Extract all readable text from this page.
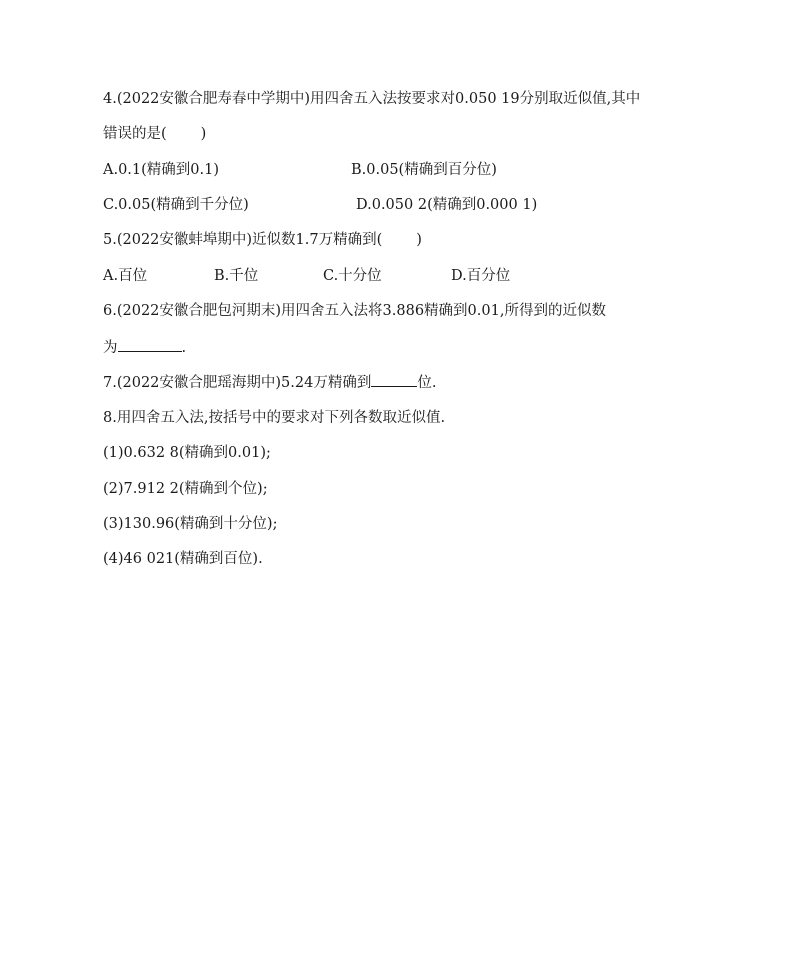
4.(2022安徽合肥寿春中学期中)用四舍五入法按要求对0.050 19分别取近似值,其中
错误的是( )
A.0.1(精确到0.1)	B.0.05(精确到百分位)
C.0.05(精确到千分位)	D.0.050 2(精确到0.000 1)
5.(2022安徽蚌埠期中)近似数1.7万精确到( )
A.百位	B.千位	C.十分位	D.百分位
6.(2022安徽合肥包河期末)用四舍五入法将3.886精确到0.01,所得到的近似数
为	.
7.(2022安徽合肥瑶海期中)5.24万精确到	位.
8.用四舍五入法,按括号中的要求对下列各数取近似值.
(1)0.632 8(精确到0.01);
(2)7.912 2(精确到个位);
(3)130.96(精确到十分位);
(4)46 021(精确到百位).
